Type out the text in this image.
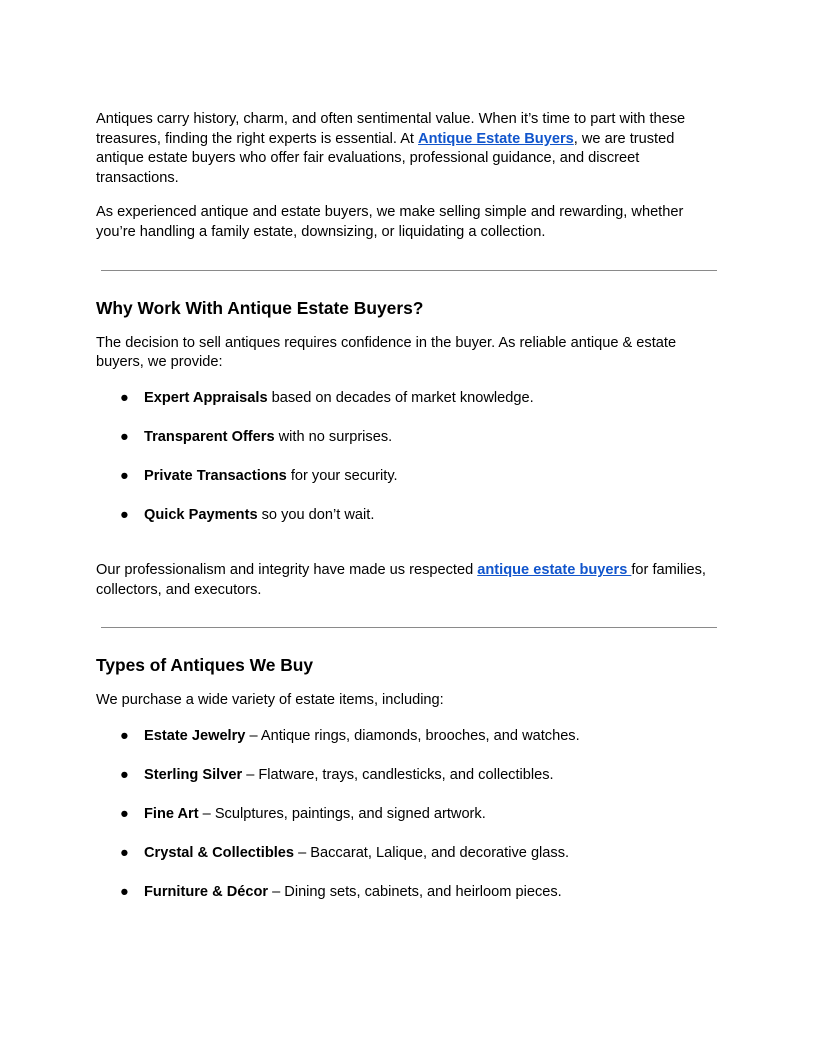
Antiques carry history, charm, and often sentimental value. When it’s time to part with these treasures, finding the right experts is essential. At Antique Estate Buyers, we are trusted antique estate buyers who offer fair evaluations, professional guidance, and discreet transactions.

As experienced antique and estate buyers, we make selling simple and rewarding, whether you’re handling a family estate, downsizing, or liquidating a collection.

Why Work With Antique Estate Buyers?

The decision to sell antiques requires confidence in the buyer. As reliable antique & estate buyers, we provide:

● Expert Appraisals based on decades of market knowledge.
● Transparent Offers with no surprises.
● Private Transactions for your security.
● Quick Payments so you don’t wait.

Our professionalism and integrity have made us respected antique estate buyers for families, collectors, and executors.

Types of Antiques We Buy

We purchase a wide variety of estate items, including:

● Estate Jewelry – Antique rings, diamonds, brooches, and watches.
● Sterling Silver – Flatware, trays, candlesticks, and collectibles.
● Fine Art – Sculptures, paintings, and signed artwork.
● Crystal & Collectibles – Baccarat, Lalique, and decorative glass.
● Furniture & Décor – Dining sets, cabinets, and heirloom pieces.
